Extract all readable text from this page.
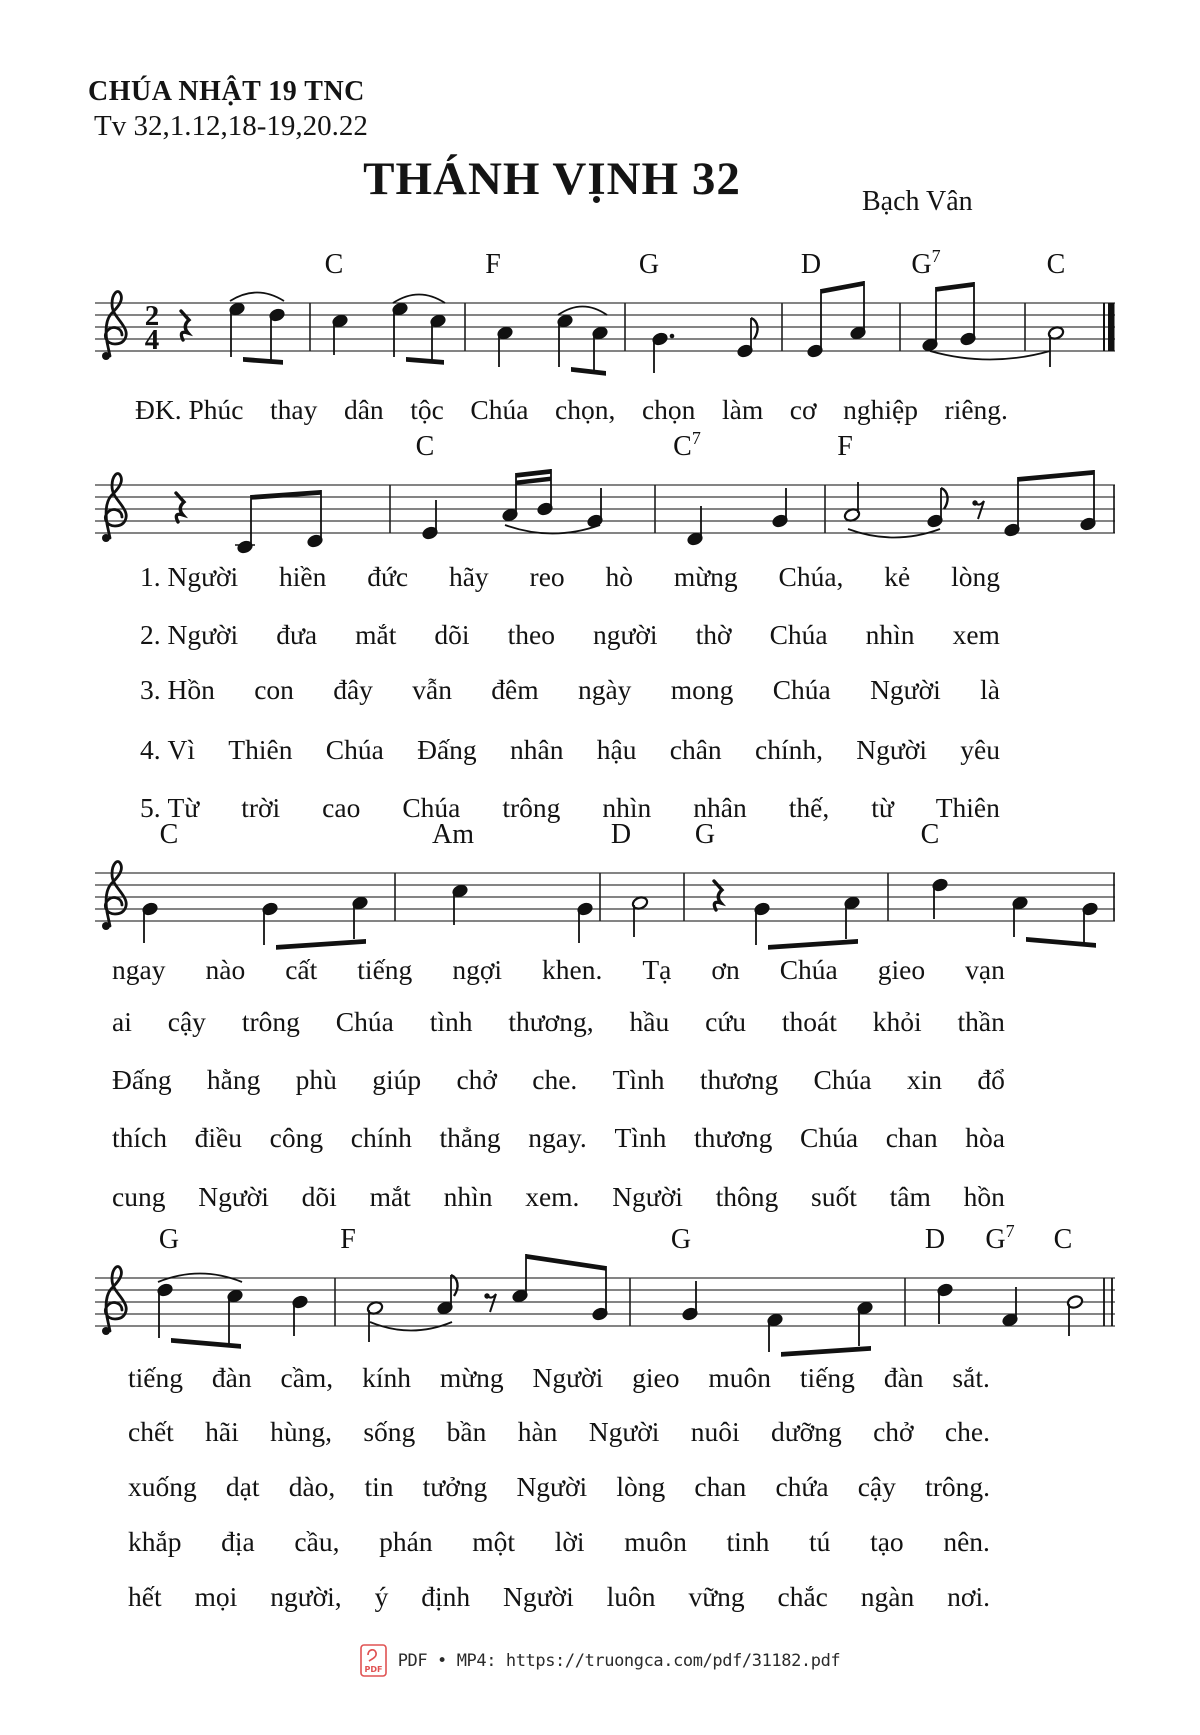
CHÚA NHẬT 19 TNC
Tv 32,1.12,18-19,20.22
THÁNH VỊNH 32	Bạch Vân
2
4
C	F	G	D	$G^7$	C
ĐK. Phúc thay dân tộc Chúa chọn, chọn làm cơ nghiệp riêng.
C	$C^7$	F
1. Người hiền đức hãy reo hò mừng Chúa, kẻ lòng
2. Người đưa mắt dõi theo người thờ Chúa nhìn xem
3. Hồn con đây vẫn đêm ngày mong Chúa Người là
4. Vì Thiên Chúa Đấng nhân hậu chân chính, Người yêu
5. Từ trời cao Chúa trông nhìn nhân thế, từ Thiên
C	Am	D G	C
ngay nào cất tiếng ngợi khen. Tạ ơn Chúa gieo vạn
ai cậy trông Chúa tình thương, hầu cứu thoát khỏi thần
Đấng hằng phù giúp chở che. Tình thương Chúa xin đổ
thích điều công chính thẳng ngay. Tình thương Chúa chan hòa
cung Người dõi mắt nhìn xem. Người thông suốt tâm hồn
G	F	G	D $G^7$ C
tiếng đàn cầm, kính mừng Người gieo muôn tiếng đàn sắt.
chết hãi hùng, sống bần hàn Người nuôi dưỡng chở che.
xuống dạt dào, tin tưởng Người lòng chan chứa cậy trông.
khắp địa cầu, phán một lời muôn tinh tú tạo nên.
hết mọi người, ý định Người luôn vững chắc ngàn nơi.
PDF PDF • MP4: https://truongca.com/pdf/31182.pdf
